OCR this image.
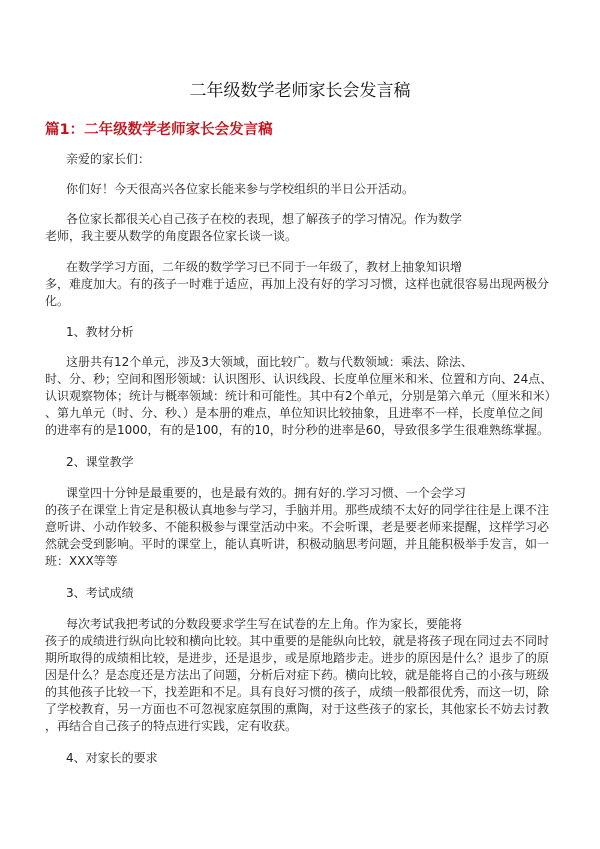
二年级数学老师家长会发言稿
篇1：二年级数学老师家长会发言稿
亲爱的家长们：
你们好！今天很高兴各位家长能来参与学校组织的半日公开活动。
各位家长都很关心自己孩子在校的表现，想了解孩子的学习情况。作为数学
老师，我主要从数学的角度跟各位家长谈一谈。
在数学学习方面，二年级的数学学习已不同于一年级了，教材上抽象知识增
多，难度加大。有的孩子一时难于适应，再加上没有好的学习习惯，这样也就很容易出现两极分
化。
1、教材分析
这册共有12个单元，涉及3大领域，面比较广。数与代数领域：乘法、除法、
时、分、秒；空间和图形领域：认识图形、认识线段、长度单位厘米和米、位置和方向、24点、
认识观察物体；统计与概率领域：统计和可能性。其中有2个单元，分别是第六单元（厘米和米）
、第九单元（时、分、秒、）是本册的难点，单位知识比较抽象，且进率不一样，长度单位之间
的进率有的是1000，有的是100，有的10，时分秒的进率是60，导致很多学生很难熟练掌握。
2、课堂教学
课堂四十分钟是最重要的，也是最有效的。拥有好的.学习习惯、一个会学习
的孩子在课堂上肯定是积极认真地参与学习，手脑并用。那些成绩不太好的同学往往是上课不注
意听讲、小动作较多、不能积极参与课堂活动中来。不会听课，老是要老师来提醒，这样学习必
然就会受到影响。平时的课堂上，能认真听讲，积极动脑思考问题，并且能积极举手发言，如一
班：XXX等等
3、考试成绩
每次考试我把考试的分数段要求学生写在试卷的左上角。作为家长，要能将
孩子的成绩进行纵向比较和横向比较。其中重要的是能纵向比较，就是将孩子现在同过去不同时
期所取得的成绩相比较，是进步，还是退步，或是原地踏步走。进步的原因是什么？退步了的原
因是什么？是态度还是方法出了问题，分析后对症下药。横向比较，就是能将自己的小孩与班级
的其他孩子比较一下，找差距和不足。具有良好习惯的孩子，成绩一般都很优秀，而这一切，除
了学校教育，另一方面也不可忽视家庭氛围的熏陶，对于这些孩子的家长，其他家长不妨去讨教
，再结合自己孩子的特点进行实践，定有收获。
4、对家长的要求
